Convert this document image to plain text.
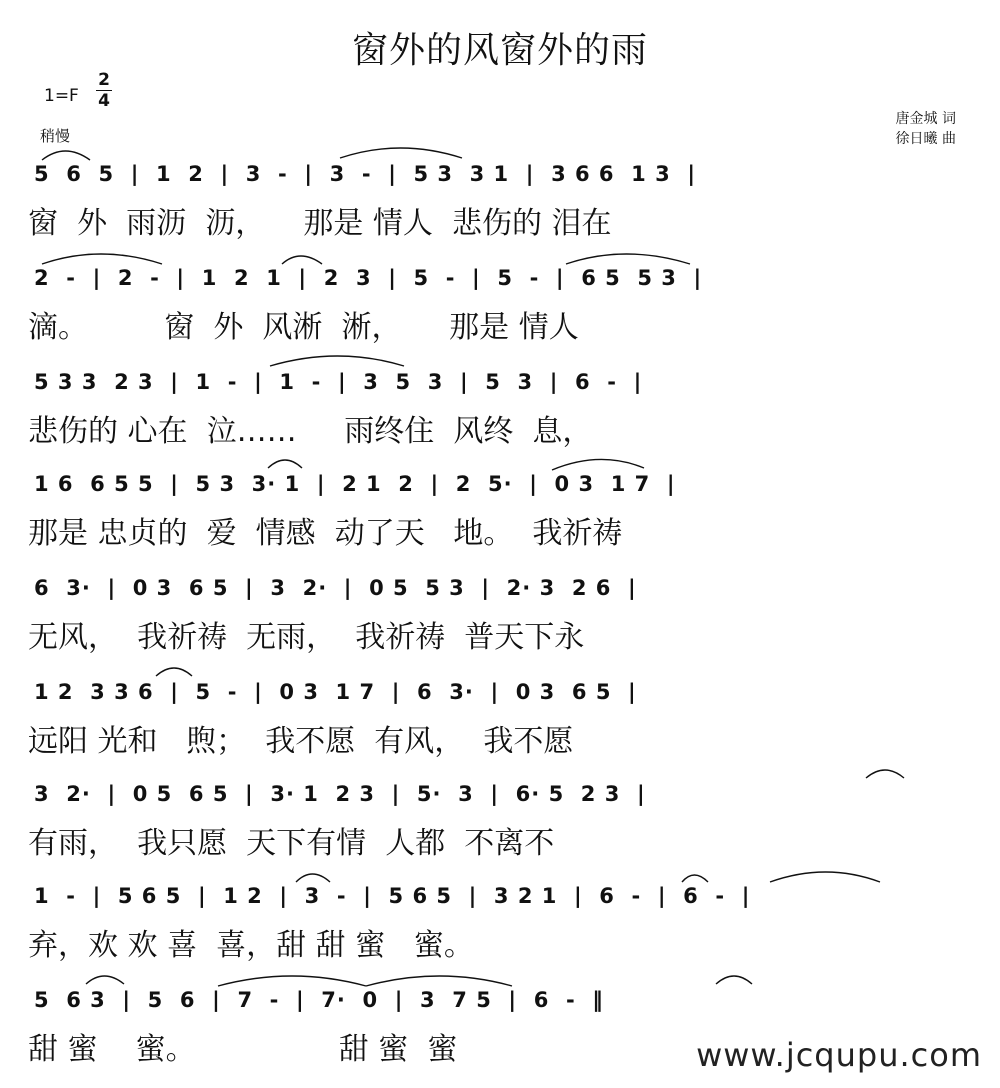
窗外的风窗外的雨
1=F
2
4
稍慢
唐金城 词
徐日曦 曲
5  6  5  |  1  2  |  3  -  |  3  -  |  5 3  3 1  |  3 6 6  1 3  |
窗  外  雨沥  沥，    那是 情人  悲伤的 泪在
2  -  |  2  -  |  1  2  1  |  2  3  |  5  -  |  5  -  |  6 5  5 3  |
滴。        窗  外  风淅  淅，     那是 情人
5 3 3  2 3  |  1  -  |  1  -  |  3  5  3  |  5  3  |  6  -  |
悲伤的 心在  泣……     雨终住  风终  息，
1 6  6 5 5  |  5 3  3· 1  |  2 1  2  |  2  5·  |  0 3  1 7  |
那是 忠贞的  爱  情感  动了天   地。  我祈祷
6  3·  |  0 3  6 5  |  3  2·  |  0 5  5 3  |  2· 3  2 6  |
无风，  我祈祷  无雨，  我祈祷  普天下永
1 2  3 3 6  |  5  -  |  0 3  1 7  |  6  3·  |  0 3  6 5  |
远阳 光和   煦；  我不愿  有风，  我不愿
3  2·  |  0 5  6 5  |  3· 1  2 3  |  5·  3  |  6· 5  2 3  |
有雨，  我只愿  天下有情  人都  不离不
1  -  |  5 6 5  |  1 2  |  3  -  |  5 6 5  |  3 2 1  |  6  -  |  6  -  |
弃，欢 欢 喜  喜，甜 甜 蜜   蜜。
5  6 3  |  5  6  |  7  -  |  7·  0  |  3  7 5  |  6  -  ‖
甜 蜜    蜜。               甜 蜜  蜜	www.jcqupu.com
